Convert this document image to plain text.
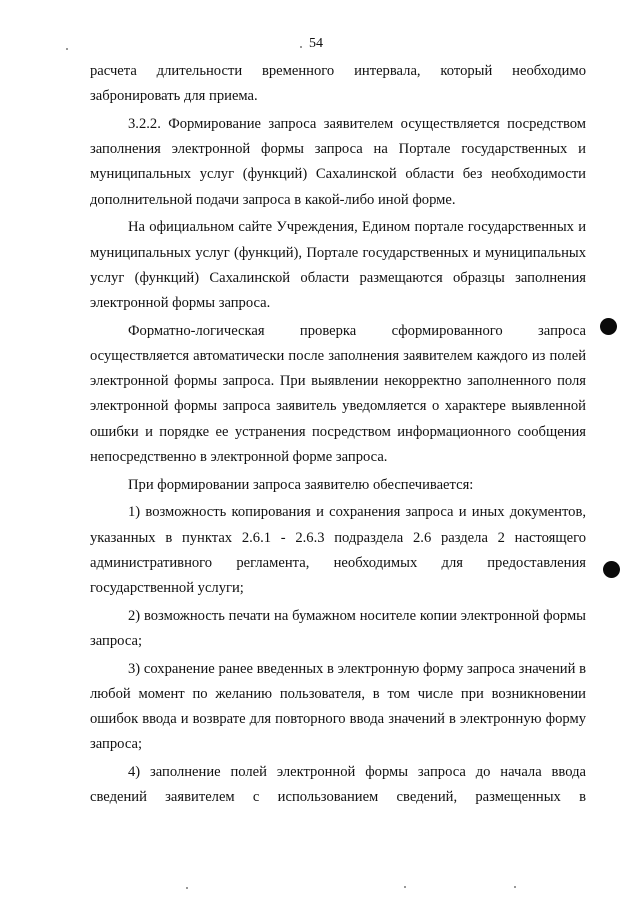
54

расчета длительности временного интервала, который необходимо забронировать для приема.

3.2.2. Формирование запроса заявителем осуществляется посредством заполнения электронной формы запроса на Портале государственных и муниципальных услуг (функций) Сахалинской области без необходимости дополнительной подачи запроса в какой-либо иной форме.

На официальном сайте Учреждения, Едином портале государственных и муниципальных услуг (функций), Портале государственных и муниципальных услуг (функций) Сахалинской области размещаются образцы заполнения электронной формы запроса.

Форматно-логическая проверка сформированного запроса осуществляется автоматически после заполнения заявителем каждого из полей электронной формы запроса. При выявлении некорректно заполненного поля электронной формы запроса заявитель уведомляется о характере выявленной ошибки и порядке ее устранения посредством информационного сообщения непосредственно в электронной форме запроса.

При формировании запроса заявителю обеспечивается:

1) возможность копирования и сохранения запроса и иных документов, указанных в пунктах 2.6.1 - 2.6.3 подраздела 2.6 раздела 2 настоящего административного регламента, необходимых для предоставления государственной услуги;

2) возможность печати на бумажном носителе копии электронной формы запроса;

3) сохранение ранее введенных в электронную форму запроса значений в любой момент по желанию пользователя, в том числе при возникновении ошибок ввода и возврате для повторного ввода значений в электронную форму запроса;

4) заполнение полей электронной формы запроса до начала ввода сведений заявителем с использованием сведений, размещенных в
